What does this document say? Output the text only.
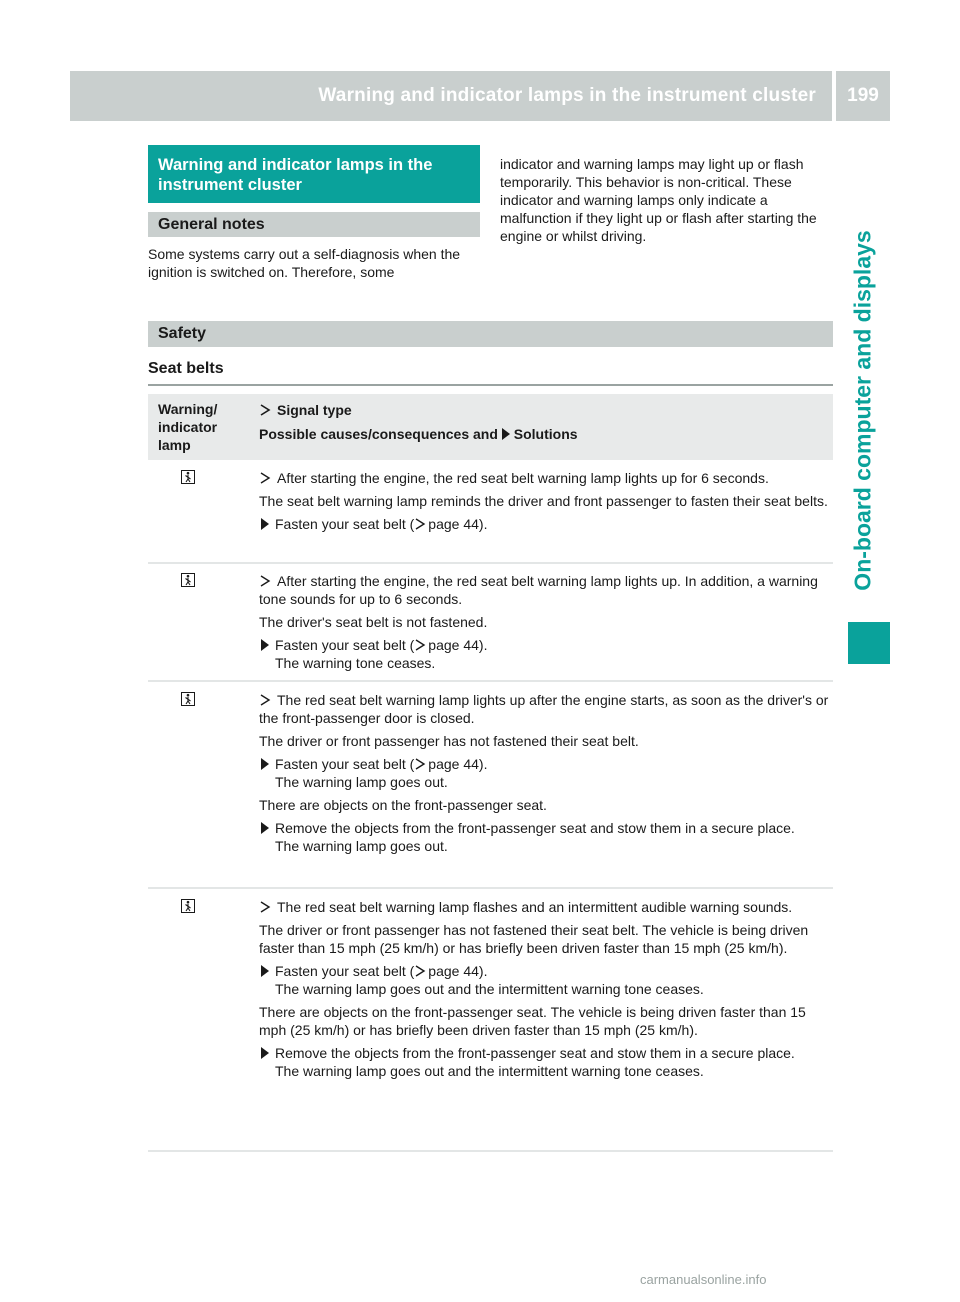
Warning and indicator lamps in the instrument cluster	199
On-board computer and displays
Warning and indicator lamps in the instrument cluster
General notes

Some systems carry out a self-diagnosis when the ignition is switched on. Therefore, some

indicator and warning lamps may light up or flash temporarily. This behavior is non-critical. These indicator and warning lamps only indicate a malfunction if they light up or flash after starting the engine or whilst driving.

Safety
Seat belts
Warning/ indicator lamp
Signal type
Possible causes/consequences and Solutions

After starting the engine, the red seat belt warning lamp lights up for 6 seconds.

The seat belt warning lamp reminds the driver and front passenger to fasten their seat belts.

Fasten your seat belt ( page 44).

After starting the engine, the red seat belt warning lamp lights up. In addition, a warning tone sounds for up to 6 seconds.

The driver's seat belt is not fastened.

Fasten your seat belt ( page 44).
The warning tone ceases.

The red seat belt warning lamp lights up after the engine starts, as soon as the driver's or the front-passenger door is closed.

The driver or front passenger has not fastened their seat belt.

Fasten your seat belt ( page 44).
The warning lamp goes out.

There are objects on the front-passenger seat.

Remove the objects from the front-passenger seat and stow them in a secure place.
The warning lamp goes out.

The red seat belt warning lamp flashes and an intermittent audible warning sounds.

The driver or front passenger has not fastened their seat belt. The vehicle is being driven faster than 15 mph (25 km/h) or has briefly been driven faster than 15 mph (25 km/h).

Fasten your seat belt ( page 44).
The warning lamp goes out and the intermittent warning tone ceases.

There are objects on the front-passenger seat. The vehicle is being driven faster than 15 mph (25 km/h) or has briefly been driven faster than 15 mph (25 km/h).

Remove the objects from the front-passenger seat and stow them in a secure place.
The warning lamp goes out and the intermittent warning tone ceases.
carmanualsonline.info
